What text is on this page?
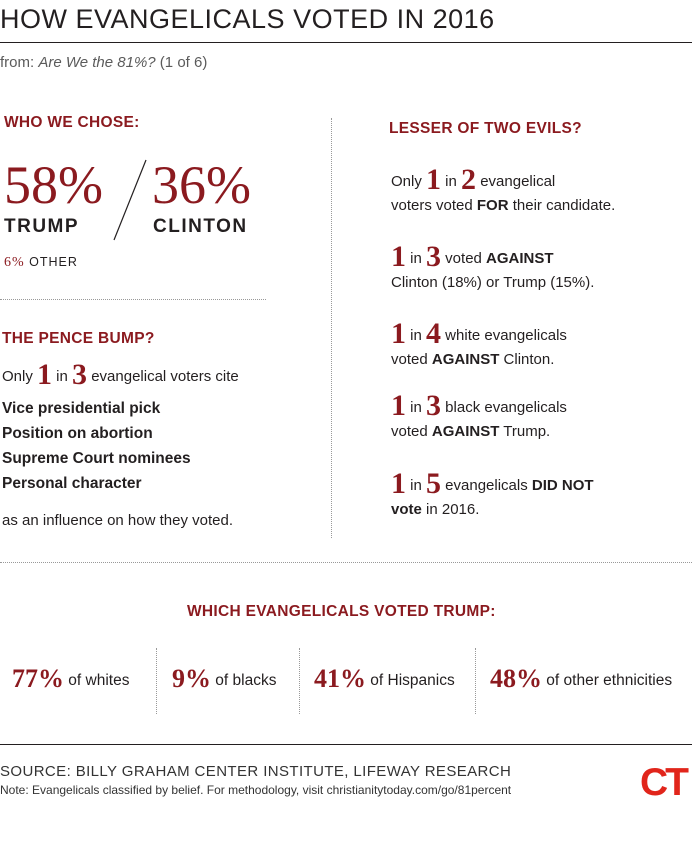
HOW EVANGELICALS VOTED IN 2016
from: Are We the 81%? (1 of 6)
WHO WE CHOSE:
58%
TRUMP
36%
CLINTON
6% OTHER
THE PENCE BUMP?
Only 1 in 3 evangelical voters cite
Vice presidential pick
Position on abortion
Supreme Court nominees
Personal character
as an influence on how they voted.
LESSER OF TWO EVILS?
Only 1 in 2 evangelical
voters voted FOR their candidate.
1 in 3 voted AGAINST
Clinton (18%) or Trump (15%).
1 in 4 white evangelicals
voted AGAINST Clinton.
1 in 3 black evangelicals
voted AGAINST Trump.
1 in 5 evangelicals DID NOT
vote in 2016.
WHICH EVANGELICALS VOTED TRUMP:
77% of whites 9% of blacks 41% of Hispanics 48% of other ethnicities
SOURCE: BILLY GRAHAM CENTER INSTITUTE, LIFEWAY RESEARCH
Note: Evangelicals classified by belief. For methodology, visit christianitytoday.com/go/81percent	CT
